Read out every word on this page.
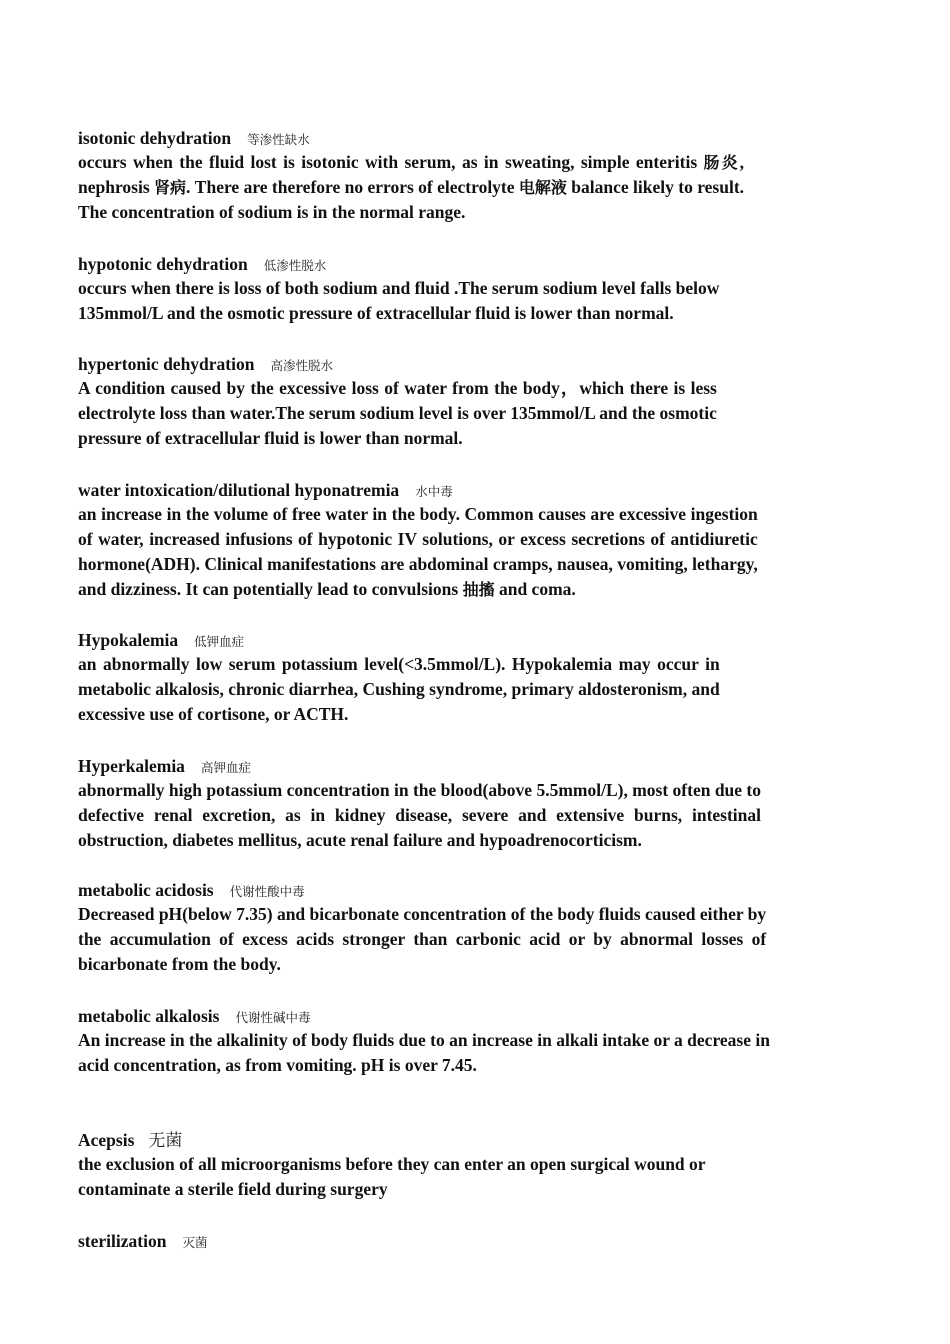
isotonic dehydration 等渗性缺水
occurs when the fluid lost is isotonic with serum, as in sweating, simple enteritis 肠炎,
nephrosis 肾病. There are therefore no errors of electrolyte 电解液 balance likely to result.
The concentration of sodium is in the normal range.
hypotonic dehydration 低渗性脱水
occurs when there is loss of both sodium and fluid .The serum sodium level falls below
135mmol/L and the osmotic pressure of extracellular fluid is lower than normal.
hypertonic dehydration 高渗性脱水
A condition caused by the excessive loss of water from the body，which there is less
electrolyte loss than water.The serum sodium level is over 135mmol/L and the osmotic
pressure of extracellular fluid is lower than normal.
water intoxication/dilutional hyponatremia 水中毒
an increase in the volume of free water in the body. Common causes are excessive ingestion
of water, increased infusions of hypotonic IV solutions, or excess secretions of antidiuretic
hormone(ADH). Clinical manifestations are abdominal cramps, nausea, vomiting, lethargy,
and dizziness. It can potentially lead to convulsions 抽搐 and coma.
Hypokalemia 低钾血症
an abnormally low serum potassium level(<3.5mmol/L). Hypokalemia may occur in
metabolic alkalosis, chronic diarrhea, Cushing syndrome, primary aldosteronism, and
excessive use of cortisone, or ACTH.
Hyperkalemia 高钾血症
abnormally high potassium concentration in the blood(above 5.5mmol/L), most often due to
defective renal excretion, as in kidney disease, severe and extensive burns, intestinal
obstruction, diabetes mellitus, acute renal failure and hypoadrenocorticism.
metabolic acidosis 代谢性酸中毒
Decreased pH(below 7.35) and bicarbonate concentration of the body fluids caused either by
the accumulation of excess acids stronger than carbonic acid or by abnormal losses of
bicarbonate from the body.
metabolic alkalosis 代谢性碱中毒
An increase in the alkalinity of body fluids due to an increase in alkali intake or a decrease in
acid concentration, as from vomiting. pH is over 7.45.
Acepsis 无菌
the exclusion of all microorganisms before they can enter an open surgical wound or
contaminate a sterile field during surgery
sterilization 灭菌
